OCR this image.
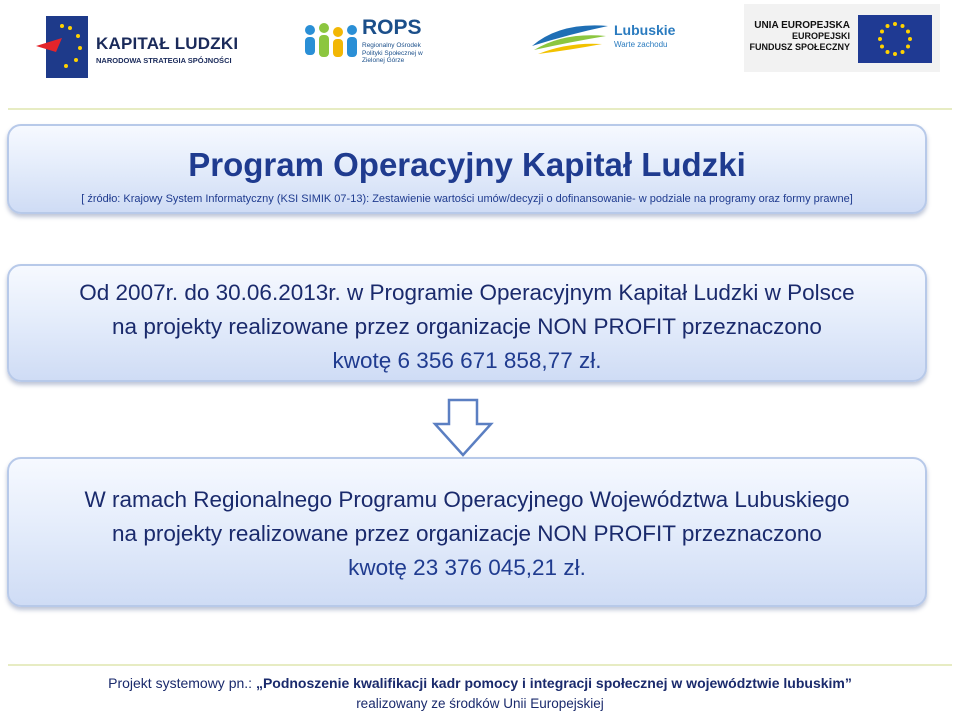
KAPITAŁ LUDZKI
NARODOWA STRATEGIA SPÓJNOŚCI
ROPS
Regionalny Ośrodek Polityki Społecznej w Zielonej Górze
Lubuskie
Warte zachodu
UNIA EUROPEJSKA
EUROPEJSKI
FUNDUSZ SPOŁECZNY
Program Operacyjny Kapitał Ludzki
[ źródło: Krajowy System Informatyczny (KSI SIMIK 07-13): Zestawienie wartości umów/decyzji o dofinansowanie- w podziale na programy oraz formy prawne]
Od 2007r. do 30.06.2013r. w Programie Operacyjnym Kapitał Ludzki w Polsce
na projekty realizowane przez organizacje NON PROFIT przeznaczono
kwotę 6 356 671 858,77 zł.
W ramach Regionalnego Programu Operacyjnego Województwa Lubuskiego
na projekty realizowane przez organizacje NON PROFIT przeznaczono
kwotę 23 376 045,21 zł.
Projekt systemowy pn.: „Podnoszenie kwalifikacji kadr pomocy i integracji społecznej w województwie lubuskim”
realizowany ze środków Unii Europejskiej
